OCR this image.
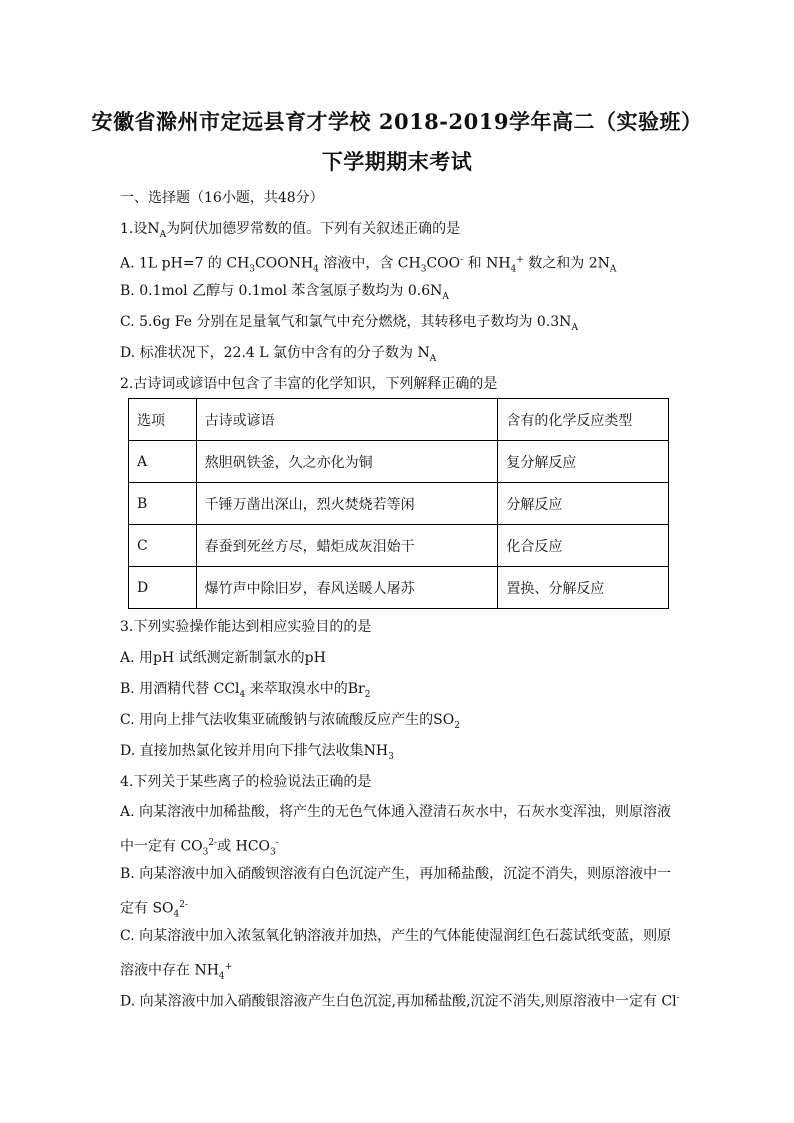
安徽省滁州市定远县育才学校 2018-2019学年高二（实验班）
下学期期末考试
一、选择题（16小题，共48分）
1.设$N_A$为阿伏加德罗常数的值。下列有关叙述正确的是
A. 1L pH=7 的 $CH_3COONH_4$ 溶液中，含 $CH_3COO^-$ 和 $NH_4^+$ 数之和为 $2N_A$
B. 0.1mol 乙醇与 0.1mol 苯含氢原子数均为 $0.6N_A$
C. 5.6g Fe 分别在足量氧气和氯气中充分燃烧，其转移电子数均为 $0.3N_A$
D. 标准状况下，22.4 L 氯仿中含有的分子数为 $N_A$
2.古诗词或谚语中包含了丰富的化学知识，下列解释正确的是
选项	古诗或谚语	含有的化学反应类型
A	熬胆矾铁釜，久之亦化为铜	复分解反应
B	千锤万凿出深山，烈火焚烧若等闲	分解反应
C	春蚕到死丝方尽，蜡炬成灰泪始干	化合反应
D	爆竹声中除旧岁，春风送暖人屠苏	置换、分解反应
3.下列实验操作能达到相应实验目的的是
A. 用pH 试纸测定新制氯水的pH
B. 用酒精代替 CCl$_4$ 来萃取溴水中的$Br_2$
C. 用向上排气法收集亚硫酸钠与浓硫酸反应产生的$SO_2$
D. 直接加热氯化铵并用向下排气法收集$NH_3$
4.下列关于某些离子的检验说法正确的是
A. 向某溶液中加稀盐酸，将产生的无色气体通入澄清石灰水中，石灰水变浑浊，则原溶液中一定有 $CO_3^{2-}$或 $HCO_3^-$
B. 向某溶液中加入硝酸钡溶液有白色沉淀产生，再加稀盐酸，沉淀不消失，则原溶液中一定有 $SO_4^{2-}$
C. 向某溶液中加入浓氢氧化钠溶液并加热，产生的气体能使湿润红色石蕊试纸变蓝，则原溶液中存在 $NH_4^+$
D. 向某溶液中加入硝酸银溶液产生白色沉淀,再加稀盐酸,沉淀不消失,则原溶液中一定有 Cl-
